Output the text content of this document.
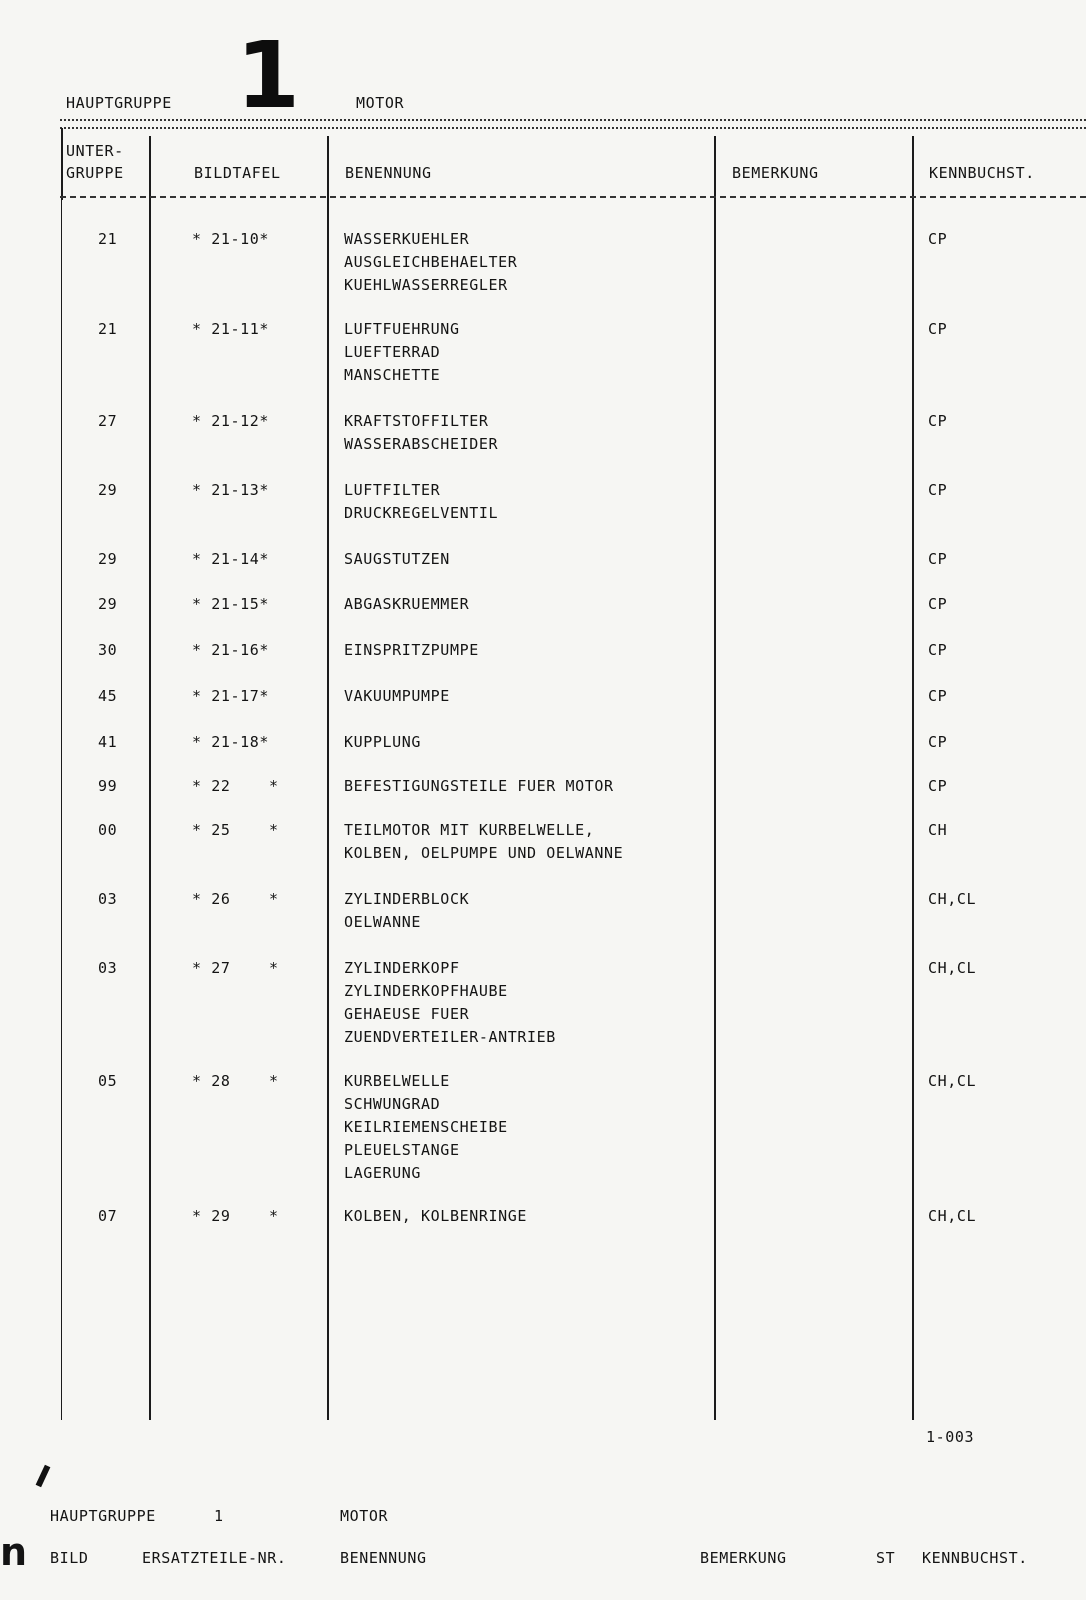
HAUPTGRUPPE 1	MOTOR
UNTER-
GRUPPE	BILDTAFEL	BENENNUNG	BEMERKUNG	KENNBUCHST.
21	* 21-10*	WASSERKUEHLER
AUSGLEICHBEHAELTER
KUEHLWASSERREGLER
CP
21	* 21-11*	LUFTFUEHRUNG
LUEFTERRAD
MANSCHETTE
CP
27	* 21-12*	KRAFTSTOFFILTER
WASSERABSCHEIDER
CP
29	* 21-13*	LUFTFILTER
DRUCKREGELVENTIL
CP
29	* 21-14*	SAUGSTUTZEN	CP
29	* 21-15*	ABGASKRUEMMER	CP
30	* 21-16*	EINSPRITZPUMPE	CP
45	* 21-17*	VAKUUMPUMPE	CP
41	* 21-18*	KUPPLUNG	CP
99	* 22    *	BEFESTIGUNGSTEILE FUER MOTOR	CP
00	* 25    *	TEILMOTOR MIT KURBELWELLE,
KOLBEN, OELPUMPE UND OELWANNE
CH
03	* 26    *	ZYLINDERBLOCK
OELWANNE
CH,CL
03	* 27    *	ZYLINDERKOPF
ZYLINDERKOPFHAUBE
GEHAEUSE FUER
ZUENDVERTEILER-ANTRIEB
CH,CL
05	* 28    *	KURBELWELLE
SCHWUNGRAD
KEILRIEMENSCHEIBE
PLEUELSTANGE
LAGERUNG
CH,CL
07	* 29    *	KOLBEN, KOLBENRINGE	CH,CL
1-003
HAUPTGRUPPE	1	MOTOR
n BILD	ERSATZTEILE-NR.	BENENNUNG	BEMERKUNG	ST KENNBUCHST.
